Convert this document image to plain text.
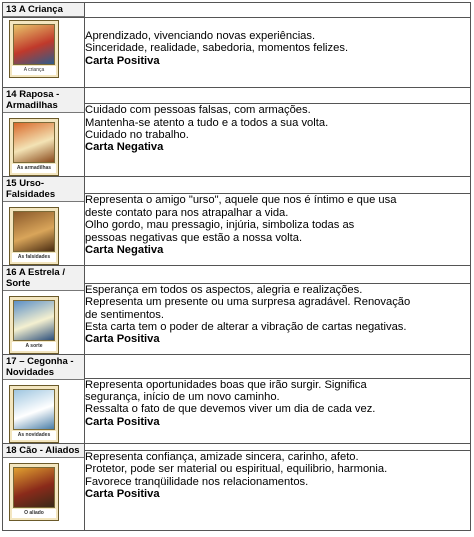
13 A Criança	

A criança	Aprendizado, vivenciando novas experiências.
Sinceridade, realidade, sabedoria, momentos felizes.
Carta Positiva

14 Raposa - Armadilhas
As armadilhas	

	Cuidado com pessoas falsas, com armações.
Mantenha-se atento a tudo e a todos a sua volta.
Cuidado no trabalho.
Carta Negativa

15 Urso- Falsidades
As falsidades	

	Representa o amigo "urso", aquele que nos é íntimo e que usa
deste contato para nos atrapalhar a vida.
Olho gordo, mau pressagio, injúria, simboliza todas as
pessoas negativas que estão a nossa volta.
Carta Negativa

16 A Estrela / Sorte
A sorte	

	Esperança em todos os aspectos, alegria e realizações.
Representa um presente ou uma surpresa agradável. Renovação
de sentimentos.
Esta carta tem o poder de alterar a vibração de cartas negativas.
Carta Positiva

17 – Cegonha - Novidades
As novidades	

	Representa oportunidades boas que irão surgir. Significa
segurança, início de um novo caminho.
Ressalta o fato de que devemos viver um dia de cada vez.
Carta Positiva

18 Cão - Aliados
O aliado	

	Representa confiança, amizade sincera, carinho, afeto.
Protetor, pode ser material ou espiritual, equilibrio, harmonia.
Favorece tranqüilidade nos relacionamentos.
Carta Positiva
